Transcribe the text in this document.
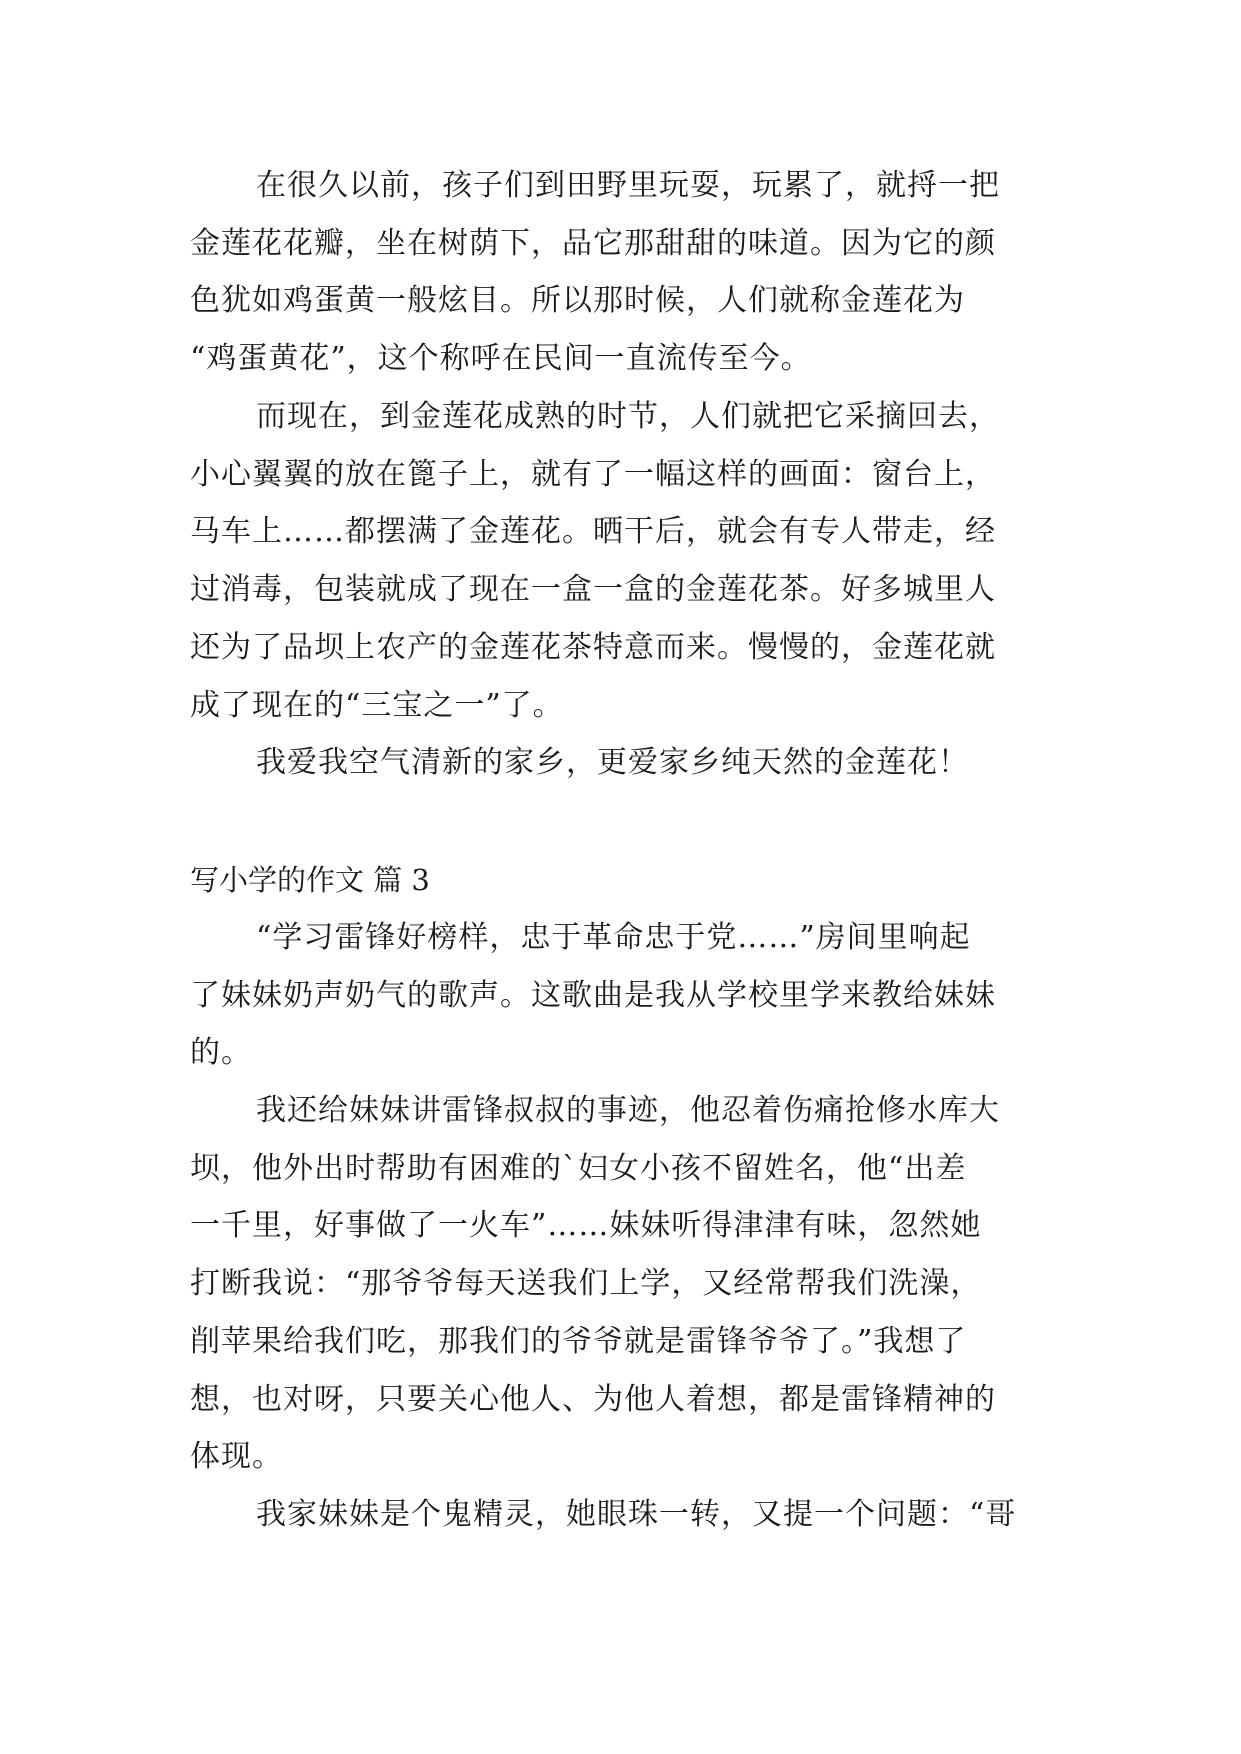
在很久以前，孩子们到田野里玩耍，玩累了，就捋一把
金莲花花瓣，坐在树荫下，品它那甜甜的味道。因为它的颜
色犹如鸡蛋黄一般炫目。所以那时候，人们就称金莲花为
“鸡蛋黄花”，这个称呼在民间一直流传至今。
而现在，到金莲花成熟的时节，人们就把它采摘回去，
小心翼翼的放在篦子上，就有了一幅这样的画面：窗台上，
马车上……都摆满了金莲花。晒干后，就会有专人带走，经
过消毒，包装就成了现在一盒一盒的金莲花茶。好多城里人
还为了品坝上农产的金莲花茶特意而来。慢慢的，金莲花就
成了现在的“三宝之一”了。
我爱我空气清新的家乡，更爱家乡纯天然的金莲花！
写小学的作文 篇 3
“学习雷锋好榜样，忠于革命忠于党……”房间里响起
了妹妹奶声奶气的歌声。这歌曲是我从学校里学来教给妹妹
的。
我还给妹妹讲雷锋叔叔的事迹，他忍着伤痛抢修水库大
坝，他外出时帮助有困难的`妇女小孩不留姓名，他“出差
一千里，好事做了一火车”……妹妹听得津津有味，忽然她
打断我说：“那爷爷每天送我们上学，又经常帮我们洗澡，
削苹果给我们吃，那我们的爷爷就是雷锋爷爷了。”我想了
想，也对呀，只要关心他人、为他人着想，都是雷锋精神的
体现。
我家妹妹是个鬼精灵，她眼珠一转，又提一个问题：“哥
